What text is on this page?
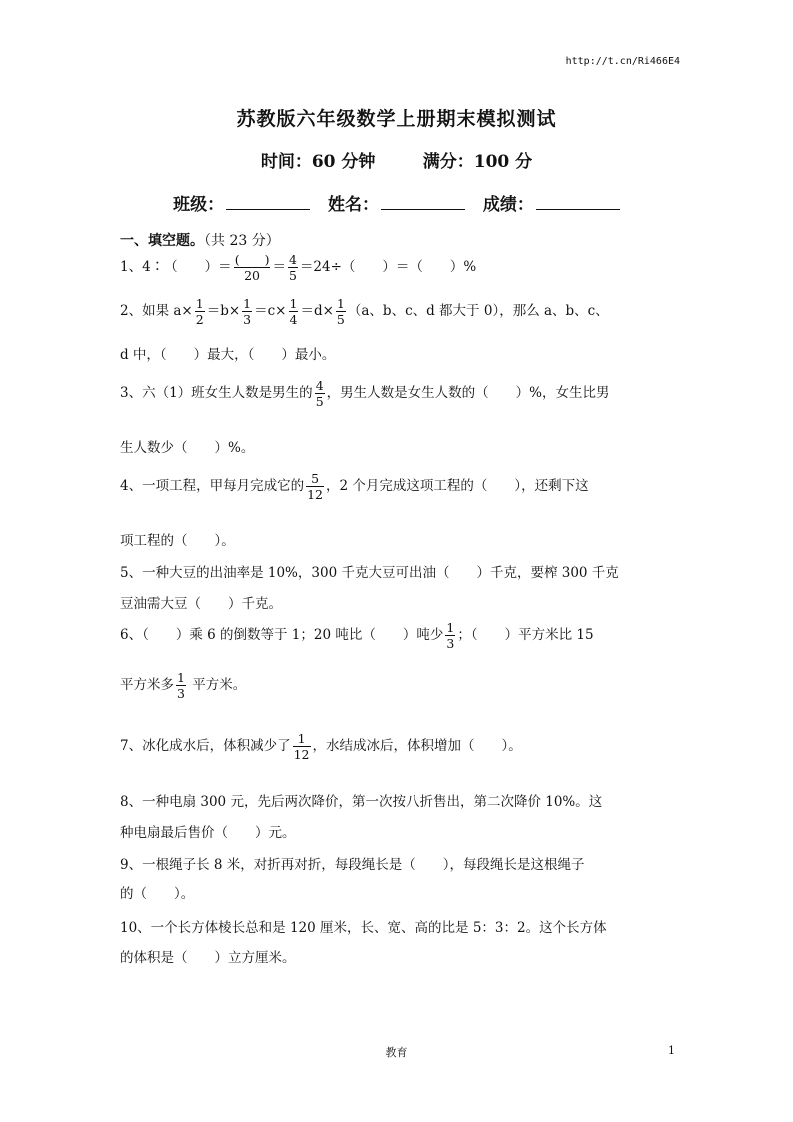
http://t.cn/Ri466E4
苏教版六年级数学上册期末模拟测试
时间：60 分钟	满分：100 分
班级：	姓名：	成绩：
一、填空题。（共 23 分）
1、4∶（　　）＝ $\frac{( )}{20} = \frac{4}{5} =24\div$（　　）＝（　　）%
2、如果 $a\times \frac{1}{2} =b\times \frac{1}{3} =c\times \frac{1}{4} =d\times \frac{1}{5} (a$、b、c、d 都大于 0），那么 a、b、c、
d 中，（　　）最大，（　　）最小。
3、六（1）班女生人数是男生的 $\frac{4}{5}$ ，男生人数是女生人数的（　　）%，女生比男
生人数少（　　）%。
4、一项工程，甲每月完成它的 $\frac{5}{12}$ ，2 个月完成这项工程的（　　），还剩下这
项工程的（　　）。
5、一种大豆的出油率是 10%，300 千克大豆可出油（　　）千克，要榨 300 千克
豆油需大豆（　　）千克。
6、（　　）乘 6 的倒数等于 1；20 吨比（　　）吨少 $\frac{1}{3}$ ；（　　）平方米比 15
平方米多 $\frac{1}{3}$ 平方米。
7、冰化成水后，体积减少了 $\frac{1}{12}$ ，水结成冰后，体积增加（　　）。
8、一种电扇 300 元，先后两次降价，第一次按八折售出，第二次降价 10%。这
种电扇最后售价（　　）元。
9、一根绳子长 8 米，对折再对折，每段绳长是（　　），每段绳长是这根绳子
的（　　）。
10、一个长方体棱长总和是 120 厘米，长、宽、高的比是 5：3：2。这个长方体
的体积是（　　）立方厘米。
教育	1
